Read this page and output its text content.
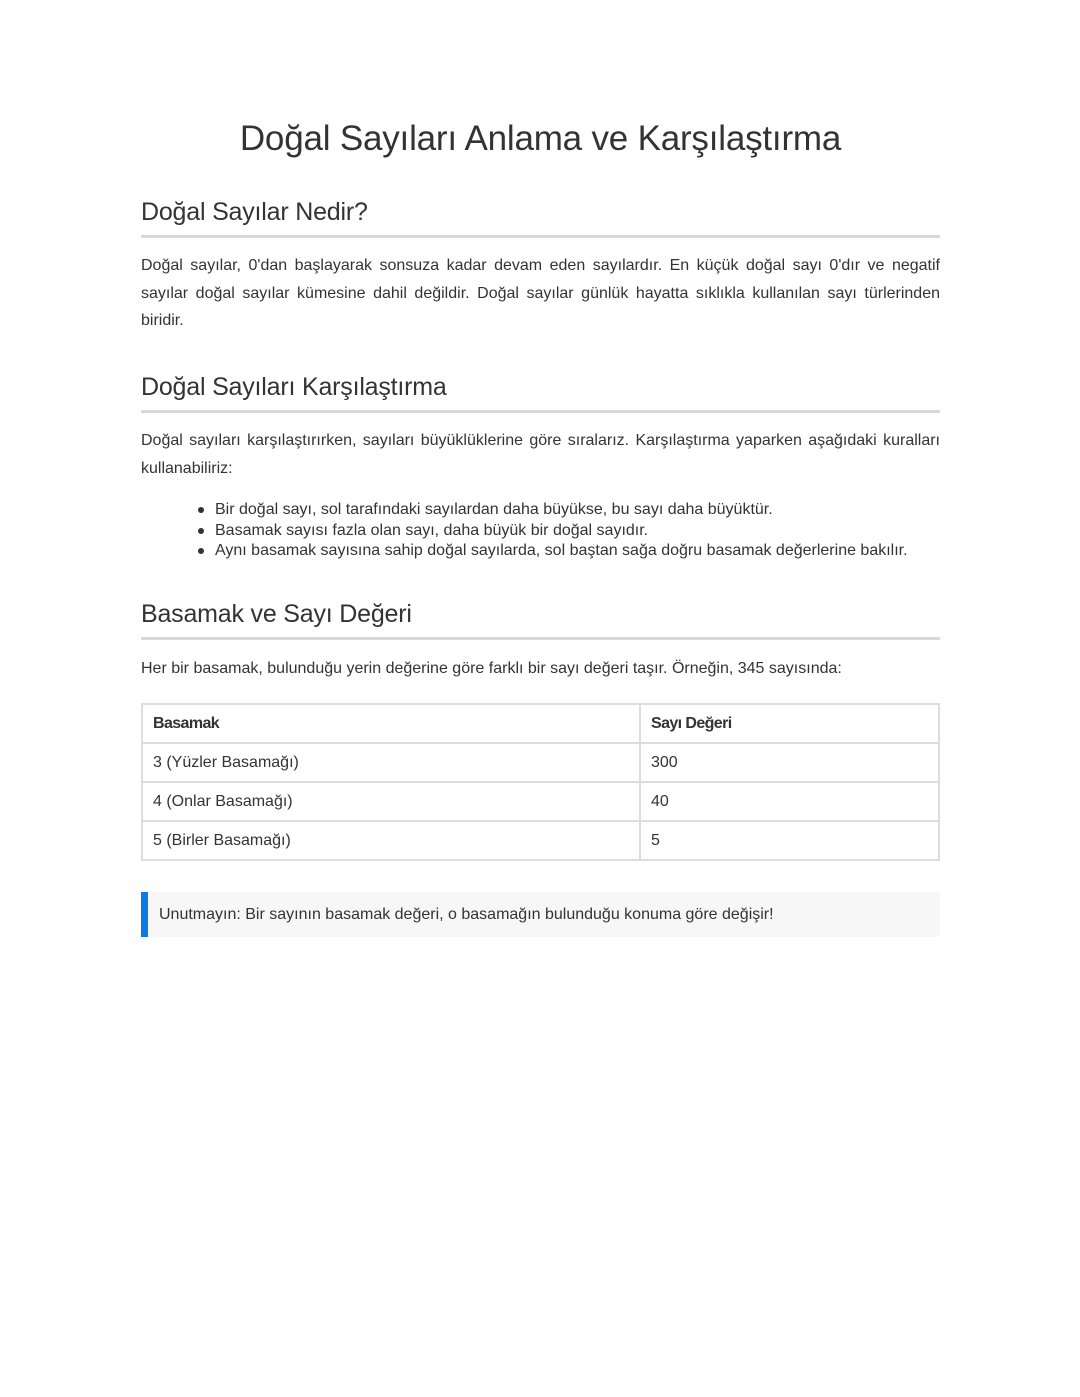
Doğal Sayıları Anlama ve Karşılaştırma
Doğal Sayılar Nedir?

Doğal sayılar, 0'dan başlayarak sonsuza kadar devam eden sayılardır. En küçük doğal sayı 0'dır ve negatif sayılar doğal sayılar kümesine dahil değildir. Doğal sayılar günlük hayatta sıklıkla kullanılan sayı türlerinden biridir.

Doğal Sayıları Karşılaştırma

Doğal sayıları karşılaştırırken, sayıları büyüklüklerine göre sıralarız. Karşılaştırma yaparken aşağıdaki kuralları kullanabiliriz:

Bir doğal sayı, sol tarafındaki sayılardan daha büyükse, bu sayı daha büyüktür.
Basamak sayısı fazla olan sayı, daha büyük bir doğal sayıdır.
Aynı basamak sayısına sahip doğal sayılarda, sol baştan sağa doğru basamak değerlerine bakılır.
Basamak ve Sayı Değeri

Her bir basamak, bulunduğu yerin değerine göre farklı bir sayı değeri taşır. Örneğin, 345 sayısında:

Basamak	Sayı Değeri
3 (Yüzler Basamağı)	300
4 (Onlar Basamağı)	40
5 (Birler Basamağı)	5
Unutmayın: Bir sayının basamak değeri, o basamağın bulunduğu konuma göre değişir!
